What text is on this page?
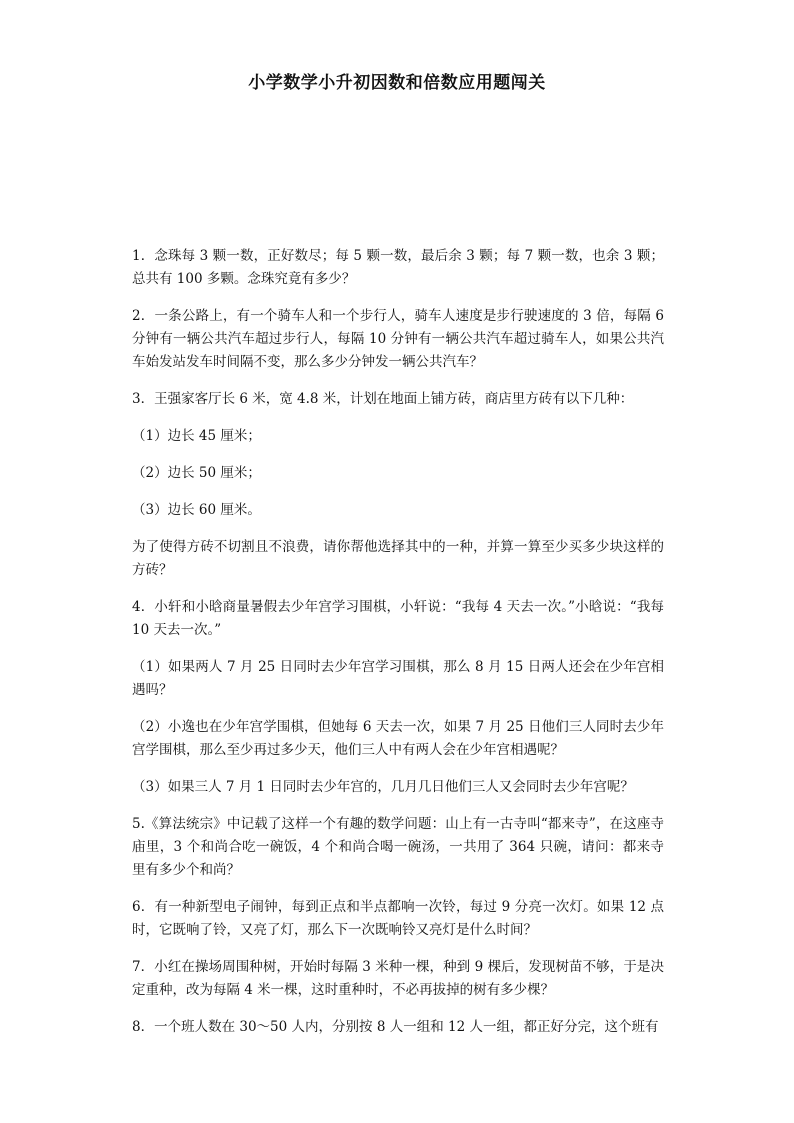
小学数学小升初因数和倍数应用题闯关

1．念珠每 3 颗一数，正好数尽；每 5 颗一数，最后余 3 颗；每 7 颗一数，也余 3 颗；总共有 100 多颗。念珠究竟有多少？

2．一条公路上，有一个骑车人和一个步行人，骑车人速度是步行驶速度的 3 倍，每隔 6 分钟有一辆公共汽车超过步行人，每隔 10 分钟有一辆公共汽车超过骑车人，如果公共汽车始发站发车时间隔不变，那么多少分钟发一辆公共汽车？

3．王强家客厅长 6 米，宽 4.8 米，计划在地面上铺方砖，商店里方砖有以下几种：

（1）边长 45 厘米；

（2）边长 50 厘米；

（3）边长 60 厘米。

为了使得方砖不切割且不浪费，请你帮他选择其中的一种，并算一算至少买多少块这样的方砖？

4．小轩和小晗商量暑假去少年宫学习围棋，小轩说：“我每 4 天去一次。”小晗说：“我每 10 天去一次。”

（1）如果两人 7 月 25 日同时去少年宫学习围棋，那么 8 月 15 日两人还会在少年宫相遇吗？

（2）小逸也在少年宫学围棋，但她每 6 天去一次，如果 7 月 25 日他们三人同时去少年宫学围棋，那么至少再过多少天，他们三人中有两人会在少年宫相遇呢？

（3）如果三人 7 月 1 日同时去少年宫的，几月几日他们三人又会同时去少年宫呢？

5.《算法统宗》中记载了这样一个有趣的数学问题：山上有一古寺叫“都来寺”，在这座寺庙里，3 个和尚合吃一碗饭，4 个和尚合喝一碗汤，一共用了 364 只碗，请问：都来寺里有多少个和尚？

6．有一种新型电子闹钟，每到正点和半点都响一次铃，每过 9 分亮一次灯。如果 12 点时，它既响了铃，又亮了灯，那么下一次既响铃又亮灯是什么时间？

7．小红在操场周围种树，开始时每隔 3 米种一棵，种到 9 棵后，发现树苗不够，于是决定重种，改为每隔 4 米一棵，这时重种时，不必再拔掉的树有多少棵？

8．一个班人数在 30～50 人内，分别按 8 人一组和 12 人一组，都正好分完，这个班有
